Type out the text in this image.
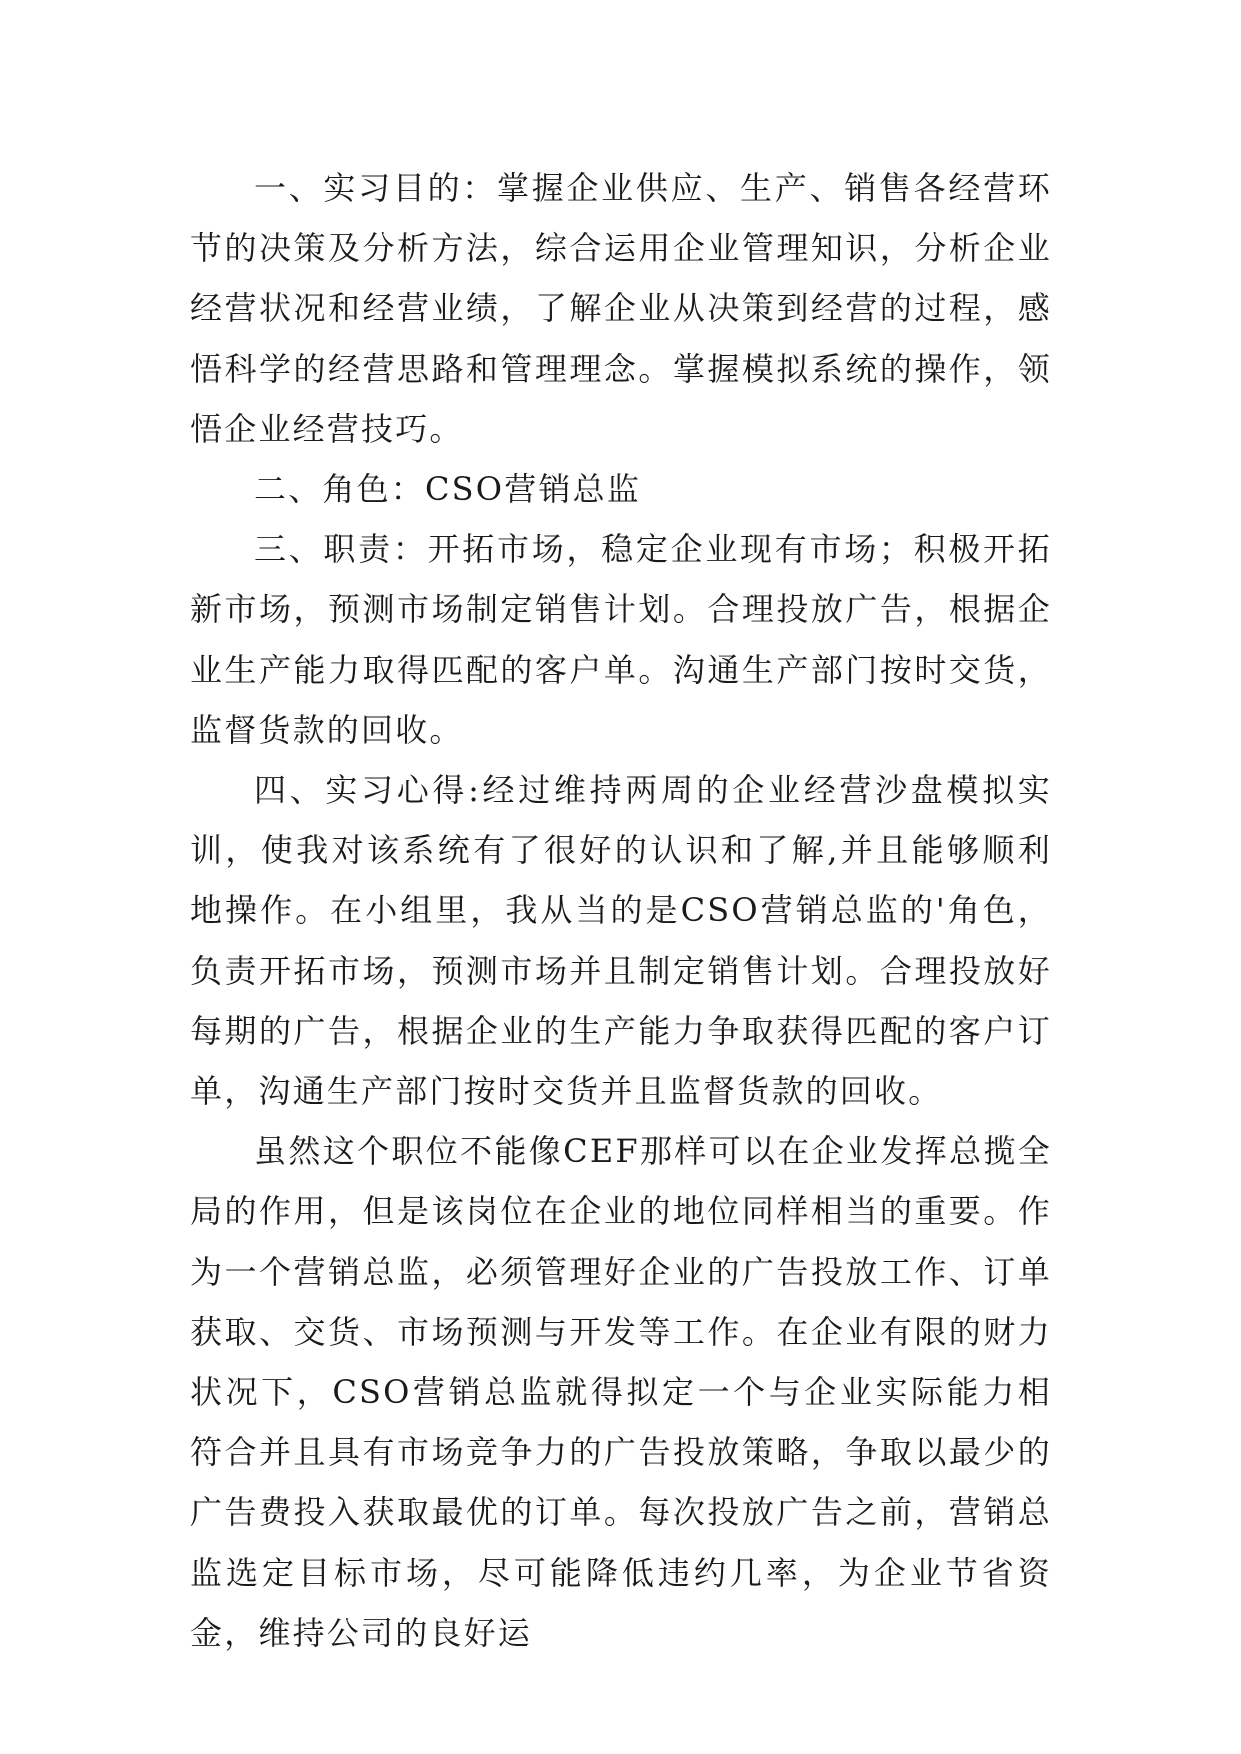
一、实习目的：掌握企业供应、生产、销售各经营环节的决策及分析方法，综合运用企业管理知识，分析企业经营状况和经营业绩，了解企业从决策到经营的过程，感悟科学的经营思路和管理理念。掌握模拟系统的操作，领悟企业经营技巧。

二、角色：CSO营销总监

三、职责：开拓市场，稳定企业现有市场；积极开拓新市场，预测市场制定销售计划。合理投放广告，根据企业生产能力取得匹配的客户单。沟通生产部门按时交货，监督货款的回收。

四、实习心得:经过维持两周的企业经营沙盘模拟实训，使我对该系统有了很好的认识和了解,并且能够顺利地操作。在小组里，我从当的是CSO营销总监的'角色，负责开拓市场，预测市场并且制定销售计划。合理投放好每期的广告，根据企业的生产能力争取获得匹配的客户订单，沟通生产部门按时交货并且监督货款的回收。

虽然这个职位不能像CEF那样可以在企业发挥总揽全局的作用，但是该岗位在企业的地位同样相当的重要。作为一个营销总监，必须管理好企业的广告投放工作、订单获取、交货、市场预测与开发等工作。在企业有限的财力状况下，CSO营销总监就得拟定一个与企业实际能力相符合并且具有市场竞争力的广告投放策略，争取以最少的广告费投入获取最优的订单。每次投放广告之前，营销总监选定目标市场，尽可能降低违约几率，为企业节省资金，维持公司的良好运
